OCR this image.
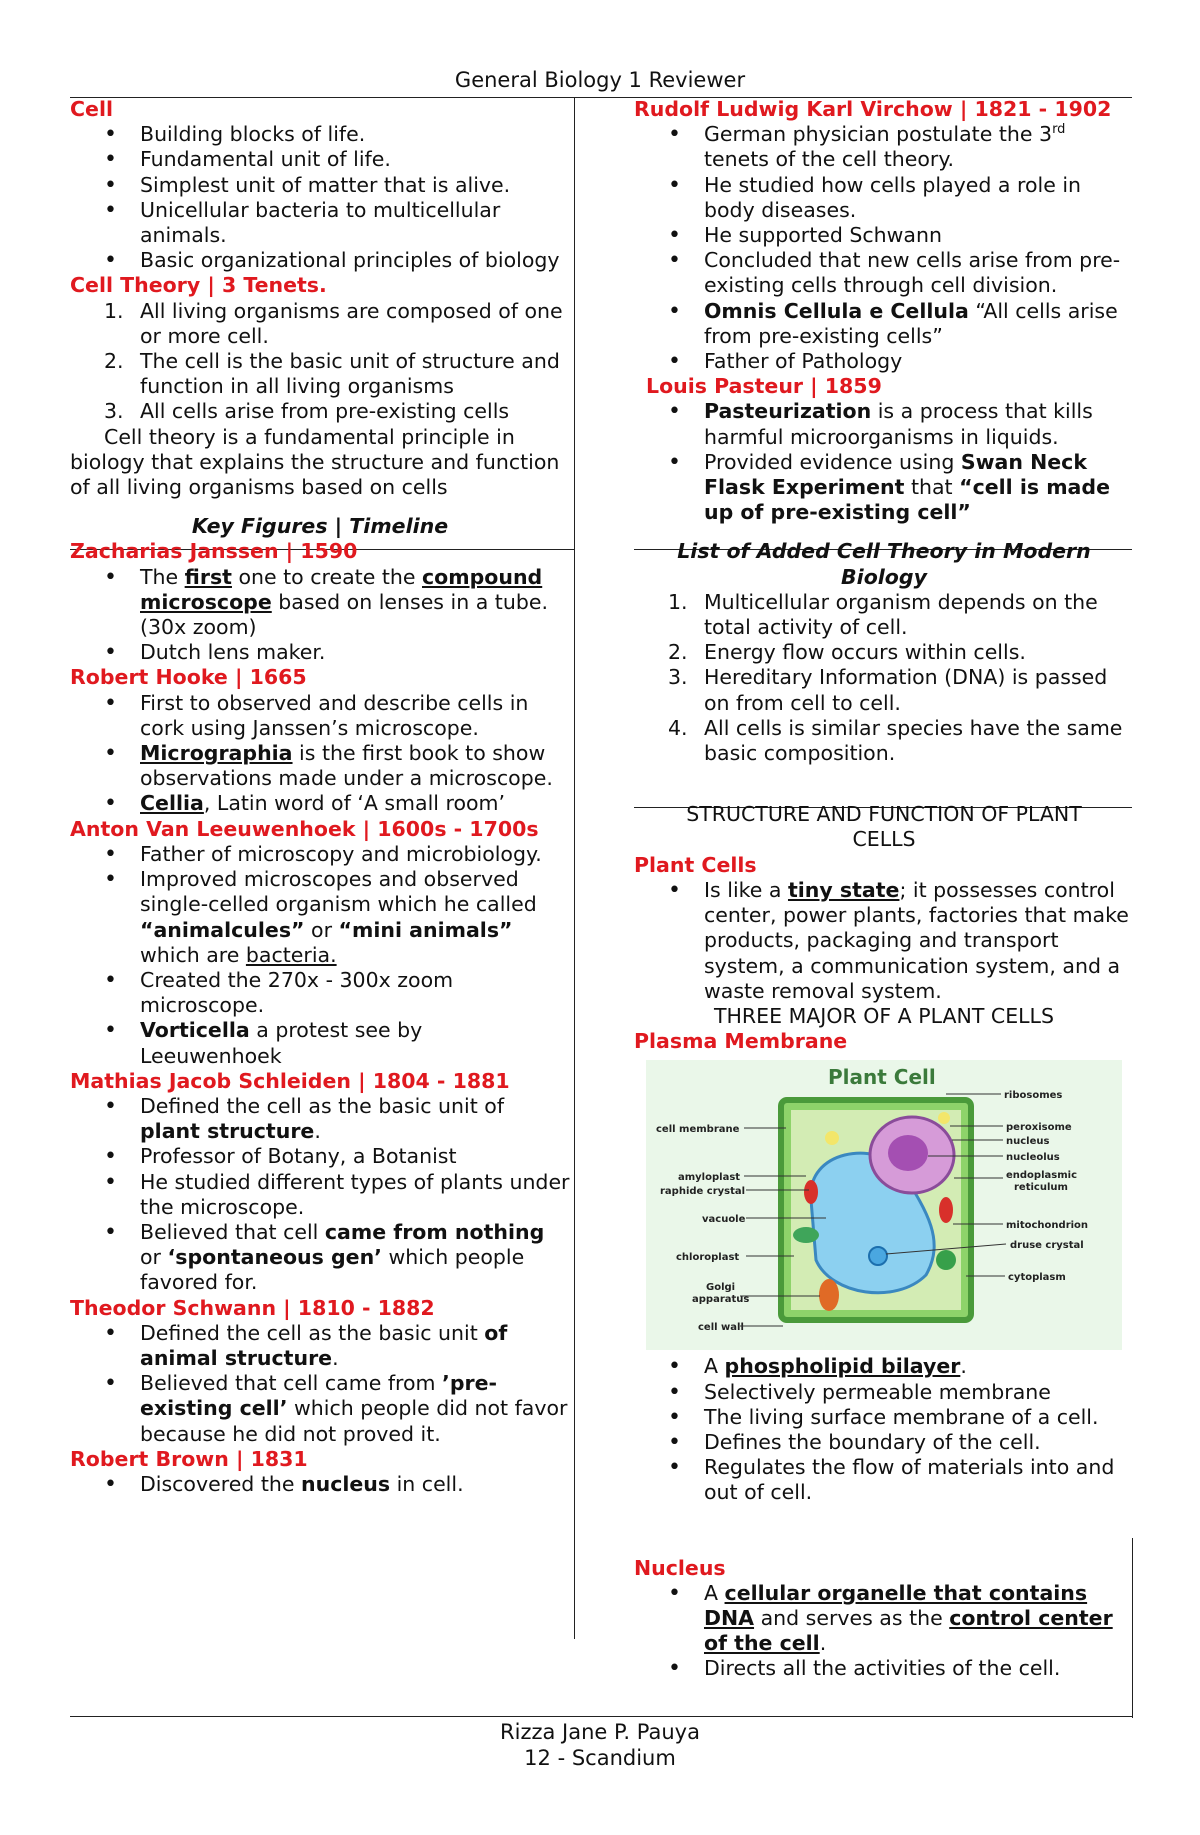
General Biology 1 Reviewer
Cell
• Building blocks of life.
• Fundamental unit of life.
• Simplest unit of matter that is alive.
• Unicellular bacteria to multicellular animals.
• Basic organizational principles of biology
Cell Theory | 3 Tenets.
1. All living organisms are composed of one or more cell.
2. The cell is the basic unit of structure and function in all living organisms
3. All cells arise from pre-existing cells

Cell theory is a fundamental principle in biology that explains the structure and function of all living organisms based on cells

Key Figures | Timeline
Zacharias Janssen | 1590
• The first one to create the compound microscope based on lenses in a tube. (30x zoom)
• Dutch lens maker.
Robert Hooke | 1665
• First to observed and describe cells in cork using Janssen’s microscope.
• Micrographia is the first book to show observations made under a microscope.
• Cellia, Latin word of ‘A small room’
Anton Van Leeuwenhoek | 1600s - 1700s
• Father of microscopy and microbiology.
• Improved microscopes and observed single-celled organism which he called “animalcules” or “mini animals” which are bacteria.
• Created the 270x - 300x zoom microscope.
• Vorticella a protest see by Leeuwenhoek
Mathias Jacob Schleiden | 1804 - 1881
• Defined the cell as the basic unit of plant structure.
• Professor of Botany, a Botanist
• He studied different types of plants under the microscope.
• Believed that cell came from nothing or ‘spontaneous gen’ which people favored for.
Theodor Schwann | 1810 - 1882
• Defined the cell as the basic unit of animal structure.
• Believed that cell came from ’pre-existing cell’ which people did not favor because he did not proved it.
Robert Brown | 1831
• Discovered the nucleus in cell.
Rudolf Ludwig Karl Virchow | 1821 - 1902
• German physician postulate the 3rd tenets of the cell theory.
• He studied how cells played a role in body diseases.
• He supported Schwann
• Concluded that new cells arise from pre-existing cells through cell division.
• Omnis Cellula e Cellula “All cells arise from pre-existing cells”
• Father of Pathology
Louis Pasteur | 1859
• Pasteurization is a process that kills harmful microorganisms in liquids.
• Provided evidence using Swan Neck Flask Experiment that “cell is made up of pre-existing cell”
List of Added Cell Theory in Modern Biology
1. Multicellular organism depends on the total activity of cell.
2. Energy flow occurs within cells.
3. Hereditary Information (DNA) is passed on from cell to cell.
4. All cells is similar species have the same basic composition.
STRUCTURE AND FUNCTION OF PLANT CELLS
Plant Cells
• Is like a tiny state; it possesses control center, power plants, factories that make products, packaging and transport system, a communication system, and a waste removal system.
THREE MAJOR OF A PLANT CELLS
Plasma Membrane
Plant Cell
cell membrane
amyloplast
raphide crystal
vacuole
chloroplast
Golgi
apparatus
cell wall
ribosomes
peroxisome
nucleus
nucleolus
endoplasmic
reticulum
mitochondrion
druse crystal
cytoplasm
• A phospholipid bilayer.
• Selectively permeable membrane
• The living surface membrane of a cell.
• Defines the boundary of the cell.
• Regulates the flow of materials into and out of cell.
Nucleus
• A cellular organelle that contains DNA and serves as the control center of the cell.
• Directs all the activities of the cell.
Rizza Jane P. Pauya
12 - Scandium
